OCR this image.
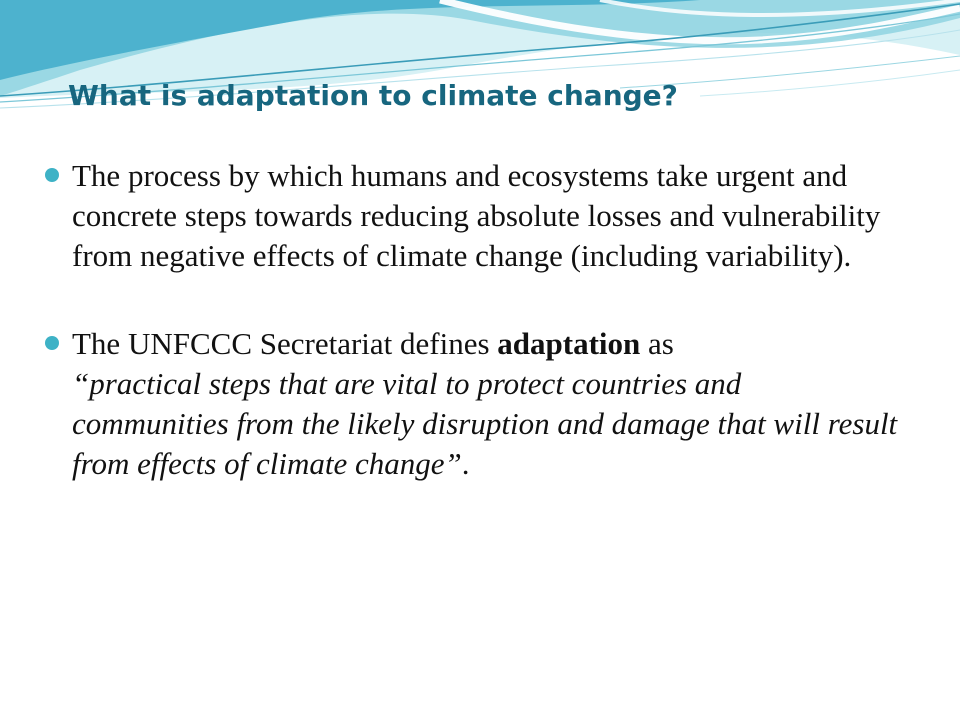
What is adaptation to climate change?
The process by which humans and ecosystems take urgent and concrete steps towards reducing absolute losses and vulnerability from negative effects of climate change (including variability).
The UNFCCC Secretariat defines adaptation as
“practical steps that are vital to protect countries and communities from the likely disruption and damage that will result from effects of climate change”.
